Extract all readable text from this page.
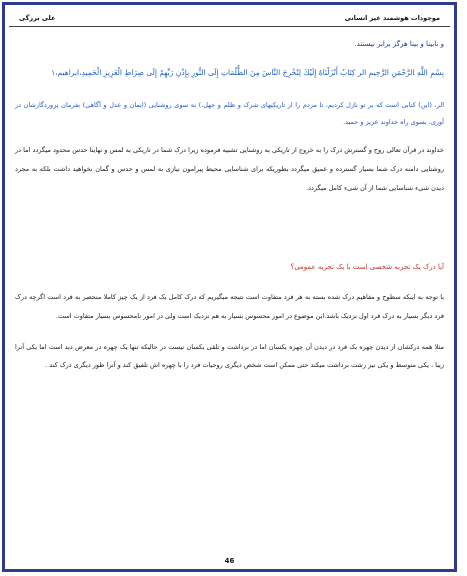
موجودات هوشمند غیر انسانی
علی برزگی

و نابینا و بینا هرگز برابر نیستند.

بِسْمِ اللَّهِ الرَّحْمَنِ الرَّحِيمِ الر كِتَابٌ أَنْزَلْنَاهُ إِلَيْكَ لِتُخْرِجَ النَّاسَ مِنَ الظُّلُمَاتِ إِلَى النُّورِ بِإِذْنِ رَبِّهِمْ إِلَى صِرَاطِ الْعَزِيزِ الْحَمِيدِ،ابراهیم،۱

الر، (این) کتابی است که بر تو نازل کردیم، تا مردم را از تاریکیهای شرک و ظلم و جهل،) به سوی روشنایی (ایمان و عدل و آگاهی) بفرمان پروردگارشان در آوری، بسوی راه خداوند عزیز و حمید.

خداوند در قرآن تعالی روح و گسترش درک را به خروج از تاریکی به روشنایی تشبیه فرموده زیرا درک شما در تاریکی به لمس و نهایتا حدس محدود میگردد اما در روشنایی دامنه درک شما بسیار گسترده و عمیق میگردد بطوریکه برای شناسایی محیط پیرامون نیازی به لمس و حدس و گمان نخواهید داشت بلکه به مجرد دیدن شیء شناسایی شما از آن شیء کامل میگردد.

آیا درک یک تجربه شخصی است یا یک تجربه عمومی؟

با توجه به اینکه سطوح و مفاهیم درک شده بسته به هر فرد متفاوت است نتیجه میگیریم که درک کامل یک فرد از یک چیز کاملا منحصر به فرد است اگرچه درک فرد دیگر بسیار به درک فرد اول نزدیک باشد.این موضوع در امور محسوس بسیار به هم نزدیک است ولی در امور نامحسوس بسیار متفاوت است.

مثلا همه درکشان از دیدن چهره یک فرد در دیدن آن چهره یکسان اما در برداشت و تلقی یکسان نیست در حالیکه تنها یک چهره در معرض دید است اما یکی آنرا زیبا ، یکی متوسط و یکی نیز زشت برداشت میکند حتی ممکن است شخص دیگری روحیات فرد را با چهره اش تلفیق کند و آنرا طور دیگری درک کند .

46
